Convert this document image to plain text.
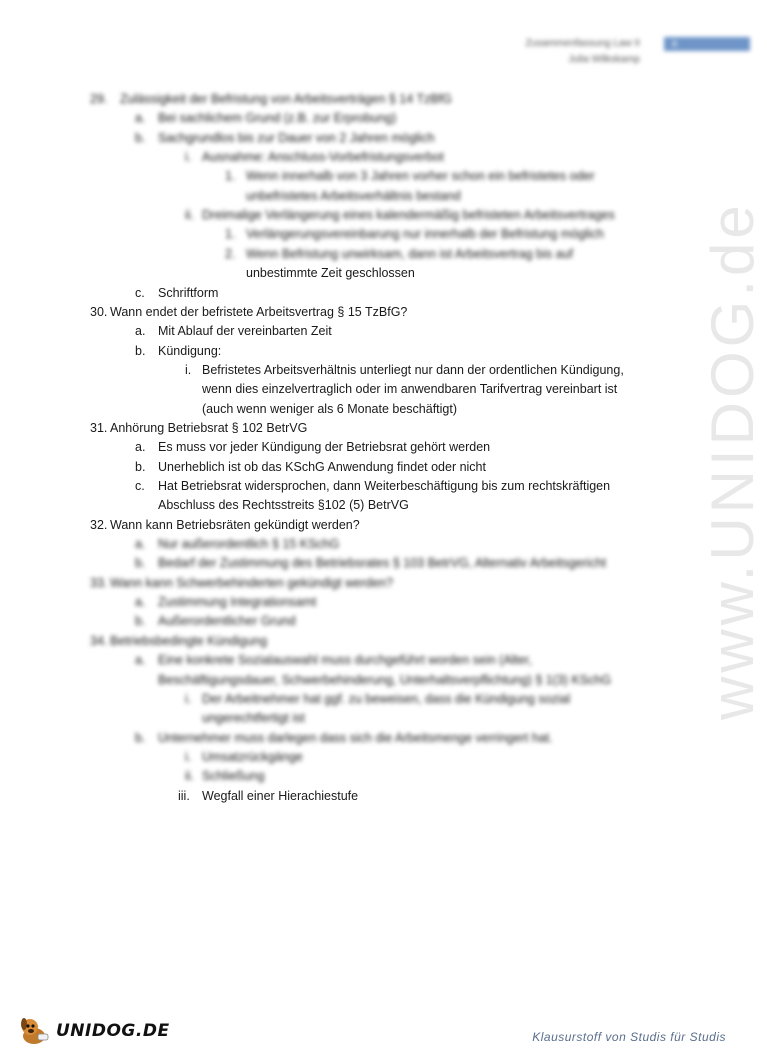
Zusammenfassung Law II
Julia Wilkskamp
8
www.UNIDOG.de
29. Zulässigkeit der Befristung von Arbeitsverträgen § 14 TzBfG
a. Bei sachlichem Grund (z.B. zur Erprobung)
b. Sachgrundlos bis zur Dauer von 2 Jahren möglich
i. Ausnahme: Anschluss-Vorbefristungsverbot
1. Wenn innerhalb von 3 Jahren vorher schon ein befristetes oder
unbefristetes Arbeitsverhältnis bestand
ii. Dreimalige Verlängerung eines kalendermäßig befristeten Arbeitsvertrages
1. Verlängerungsvereinbarung nur innerhalb der Befristung möglich
2. Wenn Befristung unwirksam, dann ist Arbeitsvertrag bis auf
unbestimmte Zeit geschlossen
c. Schriftform
30. Wann endet der befristete Arbeitsvertrag § 15 TzBfG?
a. Mit Ablauf der vereinbarten Zeit
b. Kündigung:
i. Befristetes Arbeitsverhältnis unterliegt nur dann der ordentlichen Kündigung,
wenn dies einzelvertraglich oder im anwendbaren Tarifvertrag vereinbart ist
(auch wenn weniger als 6 Monate beschäftigt)
31. Anhörung Betriebsrat § 102 BetrVG
a. Es muss vor jeder Kündigung der Betriebsrat gehört werden
b. Unerheblich ist ob das KSchG Anwendung findet oder nicht
c. Hat Betriebsrat widersprochen, dann Weiterbeschäftigung bis zum rechtskräftigen
Abschluss des Rechtsstreits §102 (5) BetrVG
32. Wann kann Betriebsräten gekündigt werden?
a. Nur außerordentlich § 15 KSchG
b. Bedarf der Zustimmung des Betriebsrates § 103 BetrVG, Alternativ Arbeitsgericht
33. Wann kann Schwerbehinderten gekündigt werden?
a. Zustimmung Integrationsamt
b. Außerordentlicher Grund
34. Betriebsbedingte Kündigung
a. Eine konkrete Sozialauswahl muss durchgeführt worden sein (Alter,
Beschäftigungsdauer, Schwerbehinderung, Unterhaltsverpflichtung) § 1(3) KSchG
i. Der Arbeitnehmer hat ggf. zu beweisen, dass die Kündigung sozial
ungerechtfertigt ist
b. Unternehmer muss darlegen dass sich die Arbeitsmenge verringert hat.
i. Umsatzrückgänge
ii. Schließung
iii. Wegfall einer Hierachiestufe
UNIDOG.DE	Klausurstoff von Studis für Studis
